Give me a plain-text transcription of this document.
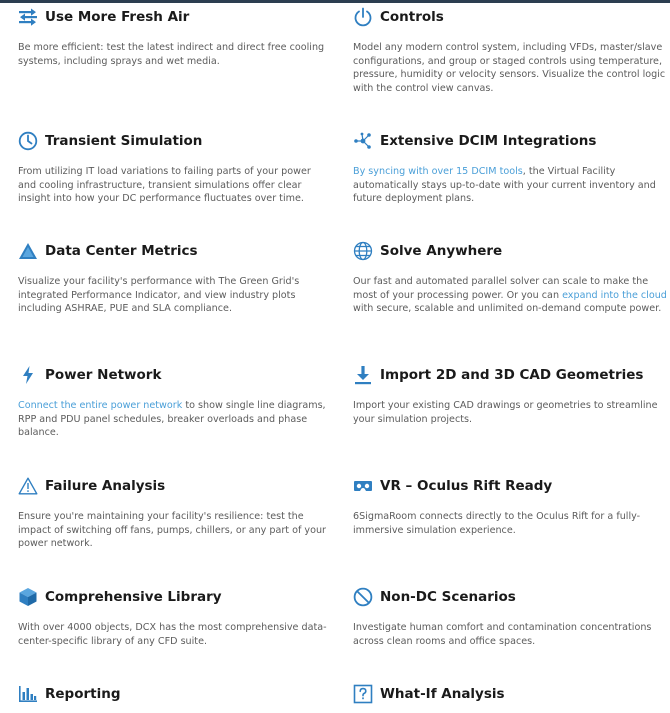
Use More Fresh Air
Be more efficient: test the latest indirect and direct free cooling systems, including sprays and wet media.
Controls
Model any modern control system, including VFDs, master/slave configurations, and group or staged controls using temperature, pressure, humidity or velocity sensors. Visualize the control logic with the control view canvas.
Transient Simulation
From utilizing IT load variations to failing parts of your power and cooling infrastructure, transient simulations offer clear insight into how your DC performance fluctuates over time.
Extensive DCIM Integrations
By syncing with over 15 DCIM tools, the Virtual Facility automatically stays up-to-date with your current inventory and future deployment plans.
Data Center Metrics
Visualize your facility's performance with The Green Grid's integrated Performance Indicator, and view industry plots including ASHRAE, PUE and SLA compliance.
Solve Anywhere
Our fast and automated parallel solver can scale to make the most of your processing power. Or you can expand into the cloud with secure, scalable and unlimited on-demand compute power.
Power Network
Connect the entire power network to show single line diagrams, RPP and PDU panel schedules, breaker overloads and phase balance.
Import 2D and 3D CAD Geometries
Import your existing CAD drawings or geometries to streamline your simulation projects.
Failure Analysis
Ensure you're maintaining your facility's resilience: test the impact of switching off fans, pumps, chillers, or any part of your power network.
VR – Oculus Rift Ready
6SigmaRoom connects directly to the Oculus Rift for a fully-immersive simulation experience.
Comprehensive Library
With over 4000 objects, DCX has the most comprehensive data-center-specific library of any CFD suite.
Non-DC Scenarios
Investigate human comfort and contamination concentrations across clean rooms and office spaces.
Reporting	What-If Analysis
